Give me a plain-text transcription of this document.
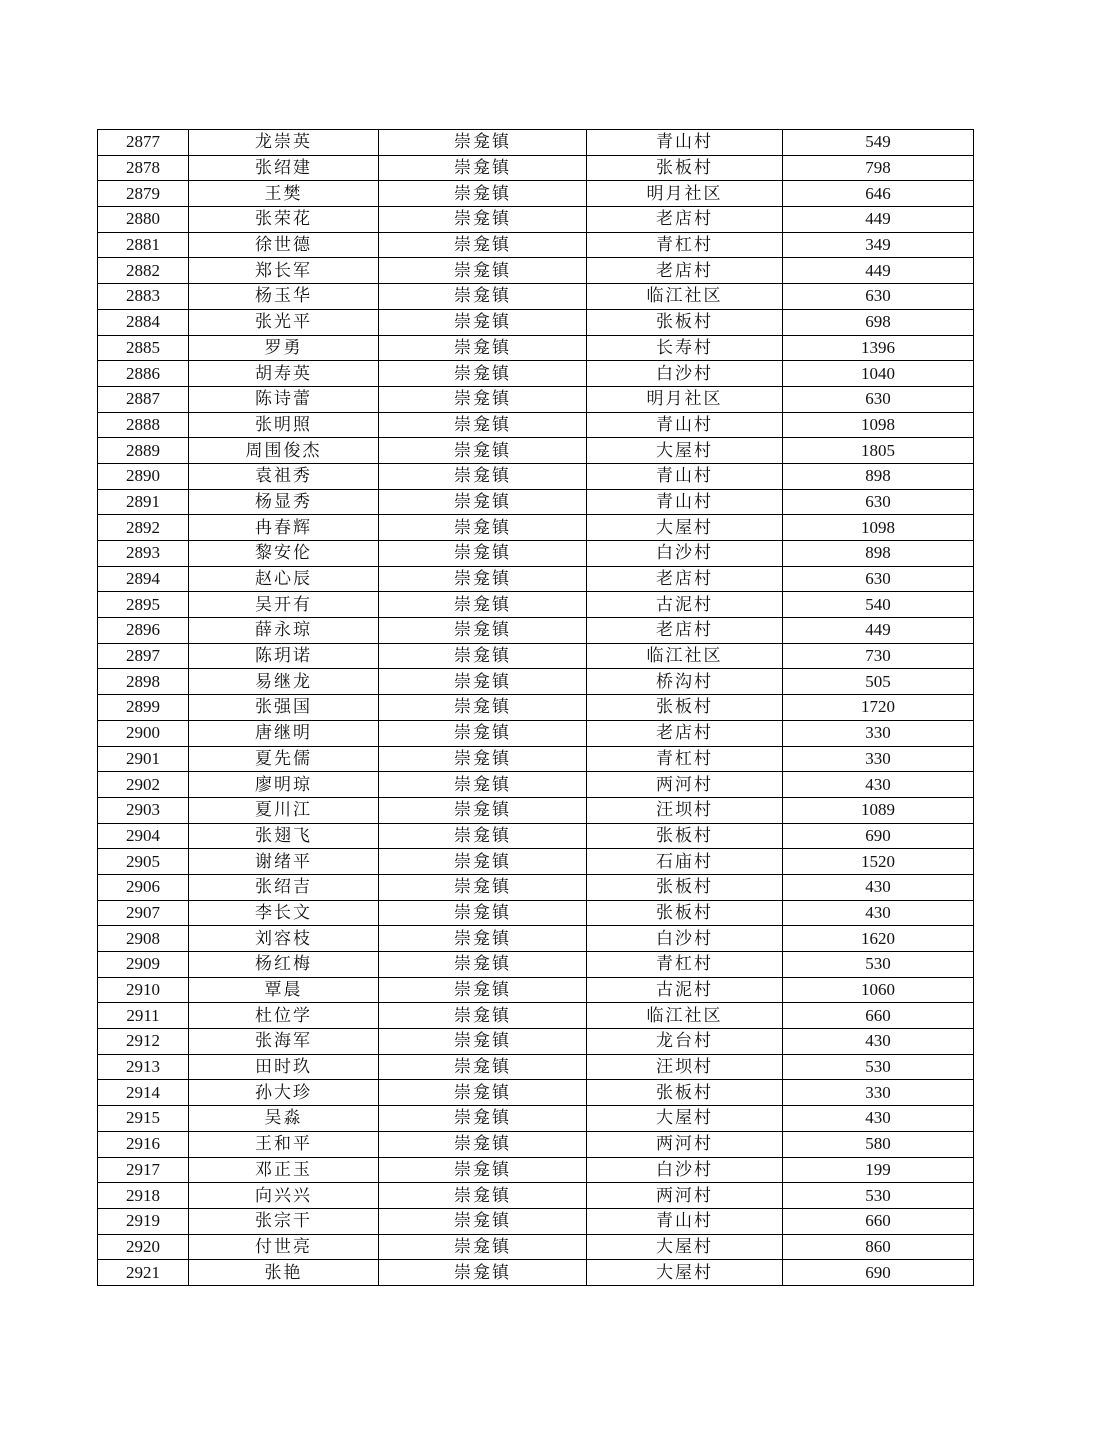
2877	龙崇英	崇龛镇	青山村	549
2878	张绍建	崇龛镇	张板村	798
2879	王樊	崇龛镇	明月社区	646
2880	张荣花	崇龛镇	老店村	449
2881	徐世德	崇龛镇	青杠村	349
2882	郑长军	崇龛镇	老店村	449
2883	杨玉华	崇龛镇	临江社区	630
2884	张光平	崇龛镇	张板村	698
2885	罗勇	崇龛镇	长寿村	1396
2886	胡寿英	崇龛镇	白沙村	1040
2887	陈诗蕾	崇龛镇	明月社区	630
2888	张明照	崇龛镇	青山村	1098
2889	周围俊杰	崇龛镇	大屋村	1805
2890	袁祖秀	崇龛镇	青山村	898
2891	杨显秀	崇龛镇	青山村	630
2892	冉春辉	崇龛镇	大屋村	1098
2893	黎安伦	崇龛镇	白沙村	898
2894	赵心辰	崇龛镇	老店村	630
2895	吴开有	崇龛镇	古泥村	540
2896	薛永琼	崇龛镇	老店村	449
2897	陈玥诺	崇龛镇	临江社区	730
2898	易继龙	崇龛镇	桥沟村	505
2899	张强国	崇龛镇	张板村	1720
2900	唐继明	崇龛镇	老店村	330
2901	夏先儒	崇龛镇	青杠村	330
2902	廖明琼	崇龛镇	两河村	430
2903	夏川江	崇龛镇	汪坝村	1089
2904	张翅飞	崇龛镇	张板村	690
2905	谢绪平	崇龛镇	石庙村	1520
2906	张绍吉	崇龛镇	张板村	430
2907	李长文	崇龛镇	张板村	430
2908	刘容枝	崇龛镇	白沙村	1620
2909	杨红梅	崇龛镇	青杠村	530
2910	覃晨	崇龛镇	古泥村	1060
2911	杜位学	崇龛镇	临江社区	660
2912	张海军	崇龛镇	龙台村	430
2913	田时玖	崇龛镇	汪坝村	530
2914	孙大珍	崇龛镇	张板村	330
2915	吴淼	崇龛镇	大屋村	430
2916	王和平	崇龛镇	两河村	580
2917	邓正玉	崇龛镇	白沙村	199
2918	向兴兴	崇龛镇	两河村	530
2919	张宗干	崇龛镇	青山村	660
2920	付世亮	崇龛镇	大屋村	860
2921	张艳	崇龛镇	大屋村	690
